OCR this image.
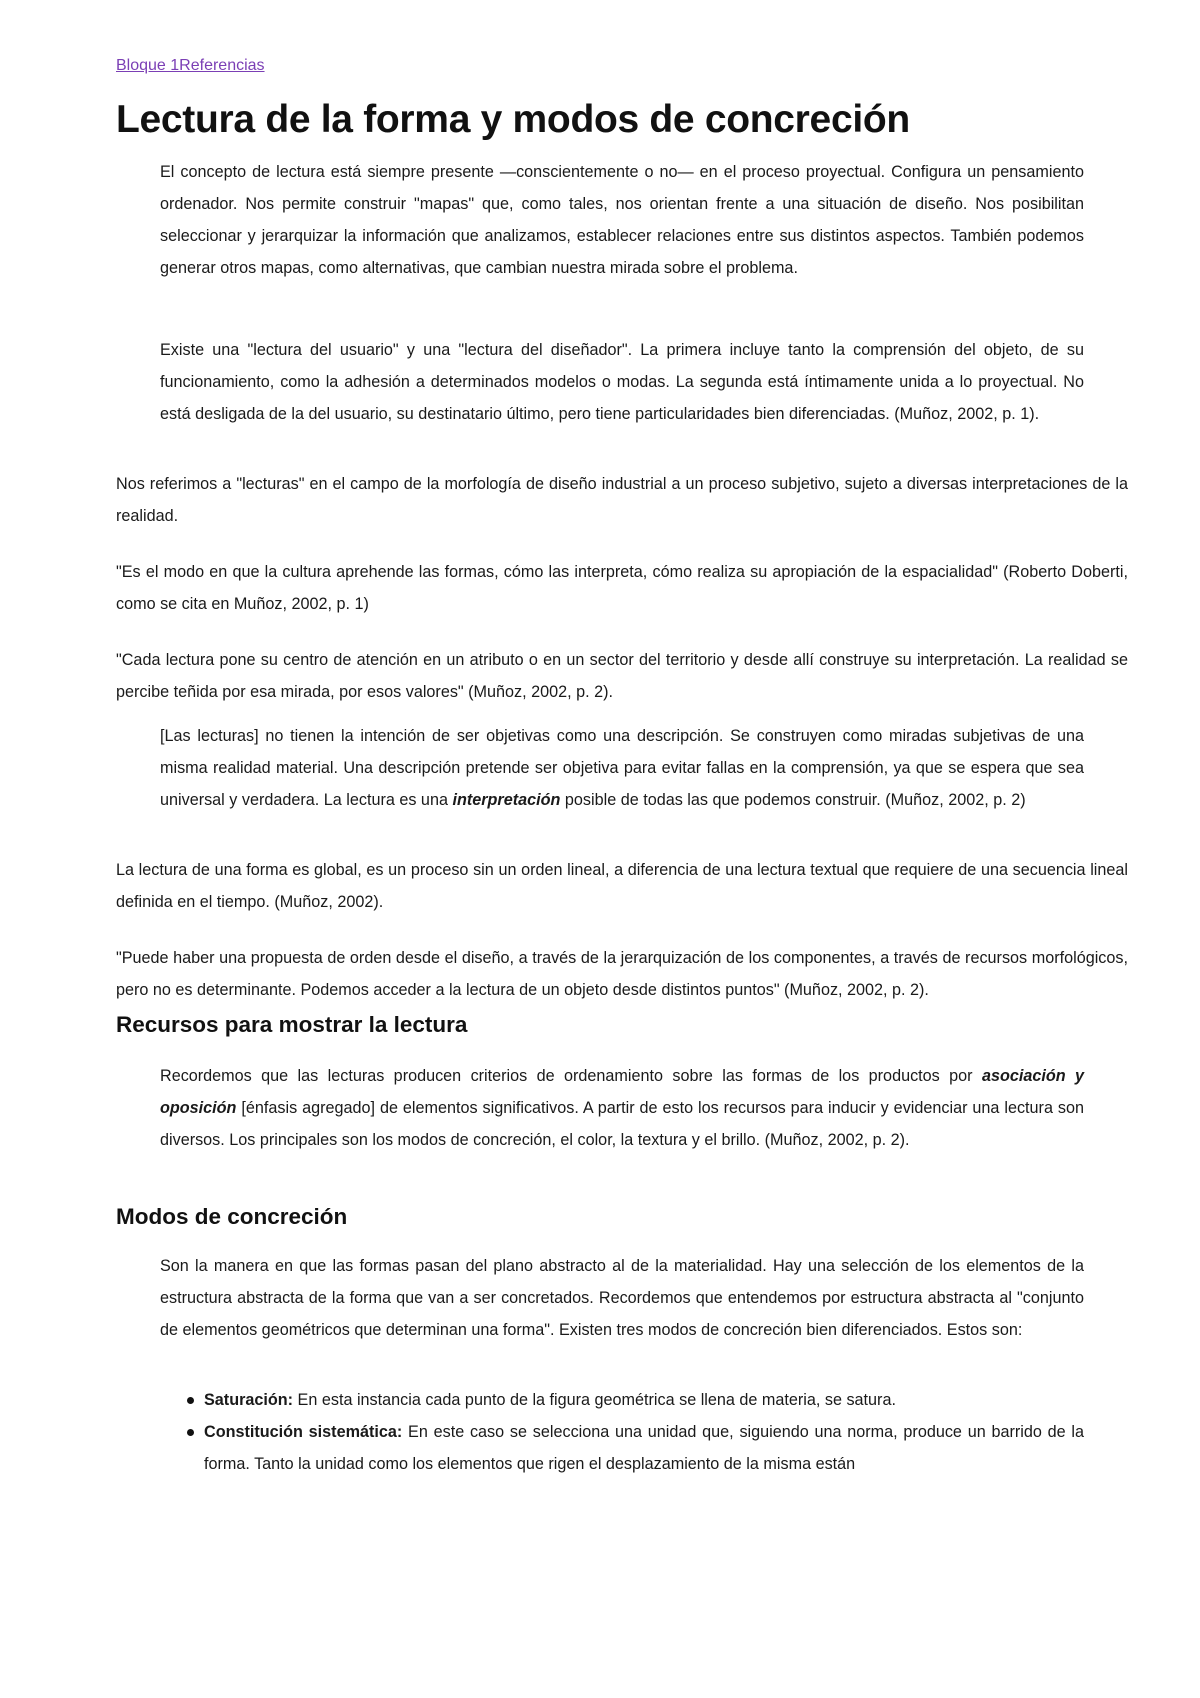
Bloque 1Referencias
Lectura de la forma y modos de concreción

El concepto de lectura está siempre presente —conscientemente o no— en el proceso proyectual. Configura un pensamiento ordenador. Nos permite construir "mapas" que, como tales, nos orientan frente a una situación de diseño. Nos posibilitan seleccionar y jerarquizar la información que analizamos, establecer relaciones entre sus distintos aspectos. También podemos generar otros mapas, como alternativas, que cambian nuestra mirada sobre el problema.

Existe una "lectura del usuario" y una "lectura del diseñador". La primera incluye tanto la comprensión del objeto, de su funcionamiento, como la adhesión a determinados modelos o modas. La segunda está íntimamente unida a lo proyectual. No está desligada de la del usuario, su destinatario último, pero tiene particularidades bien diferenciadas. (Muñoz, 2002, p. 1).

Nos referimos a "lecturas" en el campo de la morfología de diseño industrial a un proceso subjetivo, sujeto a diversas interpretaciones de la realidad.

"Es el modo en que la cultura aprehende las formas, cómo las interpreta, cómo realiza su apropiación de la espacialidad" (Roberto Doberti, como se cita en Muñoz, 2002, p. 1)

"Cada lectura pone su centro de atención en un atributo o en un sector del territorio y desde allí construye su interpretación. La realidad se percibe teñida por esa mirada, por esos valores" (Muñoz, 2002, p. 2).

[Las lecturas] no tienen la intención de ser objetivas como una descripción. Se construyen como miradas subjetivas de una misma realidad material. Una descripción pretende ser objetiva para evitar fallas en la comprensión, ya que se espera que sea universal y verdadera. La lectura es una interpretación posible de todas las que podemos construir. (Muñoz, 2002, p. 2)

La lectura de una forma es global, es un proceso sin un orden lineal, a diferencia de una lectura textual que requiere de una secuencia lineal definida en el tiempo. (Muñoz, 2002).

"Puede haber una propuesta de orden desde el diseño, a través de la jerarquización de los componentes, a través de recursos morfológicos, pero no es determinante. Podemos acceder a la lectura de un objeto desde distintos puntos" (Muñoz, 2002, p. 2).

Recursos para mostrar la lectura

Recordemos que las lecturas producen criterios de ordenamiento sobre las formas de los productos por asociación y oposición [énfasis agregado] de elementos significativos. A partir de esto los recursos para inducir y evidenciar una lectura son diversos. Los principales son los modos de concreción, el color, la textura y el brillo. (Muñoz, 2002, p. 2).

Modos de concreción

Son la manera en que las formas pasan del plano abstracto al de la materialidad. Hay una selección de los elementos de la estructura abstracta de la forma que van a ser concretados. Recordemos que entendemos por estructura abstracta al "conjunto de elementos geométricos que determinan una forma". Existen tres modos de concreción bien diferenciados. Estos son:

Saturación: En esta instancia cada punto de la figura geométrica se llena de materia, se satura.
Constitución sistemática: En este caso se selecciona una unidad que, siguiendo una norma, produce un barrido de la forma. Tanto la unidad como los elementos que rigen el desplazamiento de la misma están
